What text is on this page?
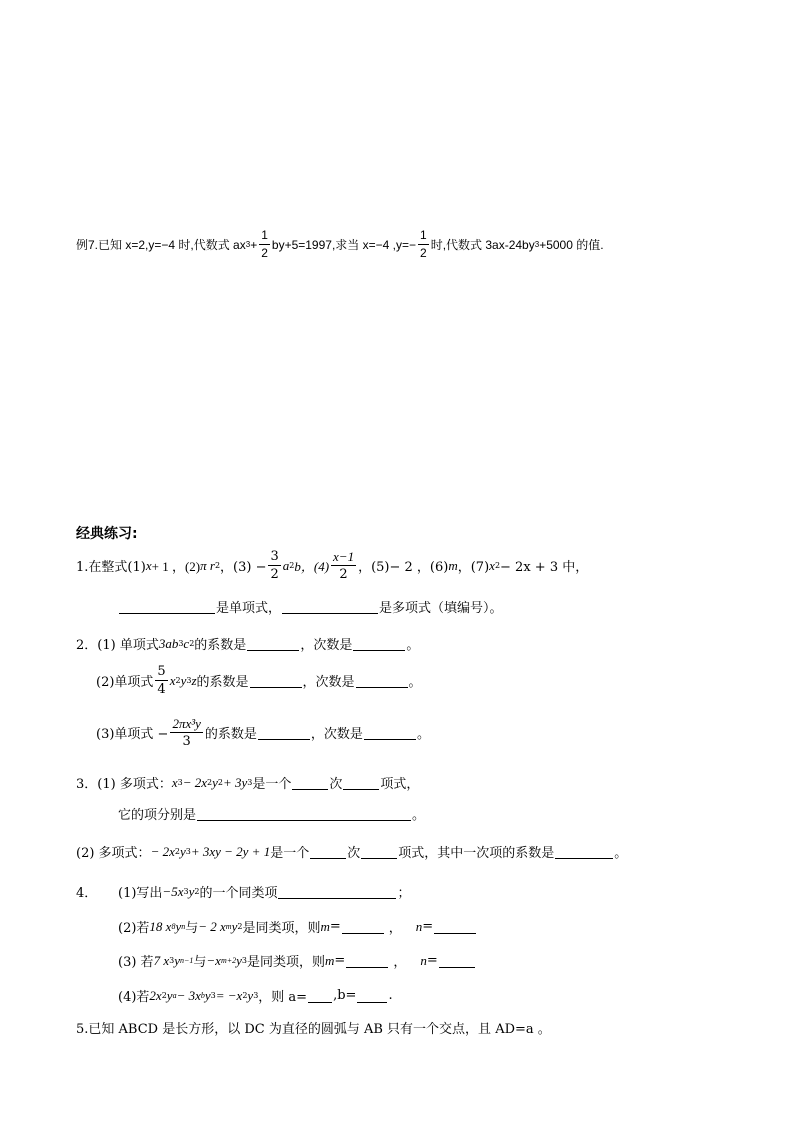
例7.已知 x=2,y=−4 时,代数式 ax $3 + \frac{1}{2} by+5=1997$,求当 x=−4 $,y=- \frac{1}{2}$ 时,代数式 3ax-24by 3 +5000 的值.
经典练习:
1.在整式(1) x + 1 ，(2) π r 2 ，$(3) - \frac{3}{2}$ a 2 b，$(4) \frac{x-1}{2}$ ，(5)− 2 ，(6) m ，(7) x 2 − 2x + 3 中，
是单项式，	是多项式（填编号）。
2．(1) 单项式 3ab 3 c 2 的系数是	，次数是	。
(2)单项式 $\frac{5}{4}$ x 2 y 3 z 的系数是	，次数是	。
(3)单项式 − $\frac{\text{2πx³y}}{3}$ 的系数是	，次数是	。
3．(1) 多项式： x 3 − 2x 2 y 2 + 3y 3 是一个	次	项式，
它的项分别是	。
(2) 多项式： − 2x 2 y 3 + 3xy − 2y + 1 是一个	次	项式，其中一次项的系数是	。
4．	(1)写出 −5x 3 y 2 的一个同类项	；
(2)若 18 x 8 y n 与 − 2 x m y 2 是同类项，则 m =	， n =
(3) 若 7 x 3 y n−1 与 −x m+2 y 3 是同类项，则 m =	， n =
(4)若 2x 2 y a − 3x b y 3 = −x 2 y 3 ，则 a= ,b= .
5.已知 ABCD 是长方形，以 DC 为直径的圆弧与 AB 只有一个交点，且 AD=a 。
